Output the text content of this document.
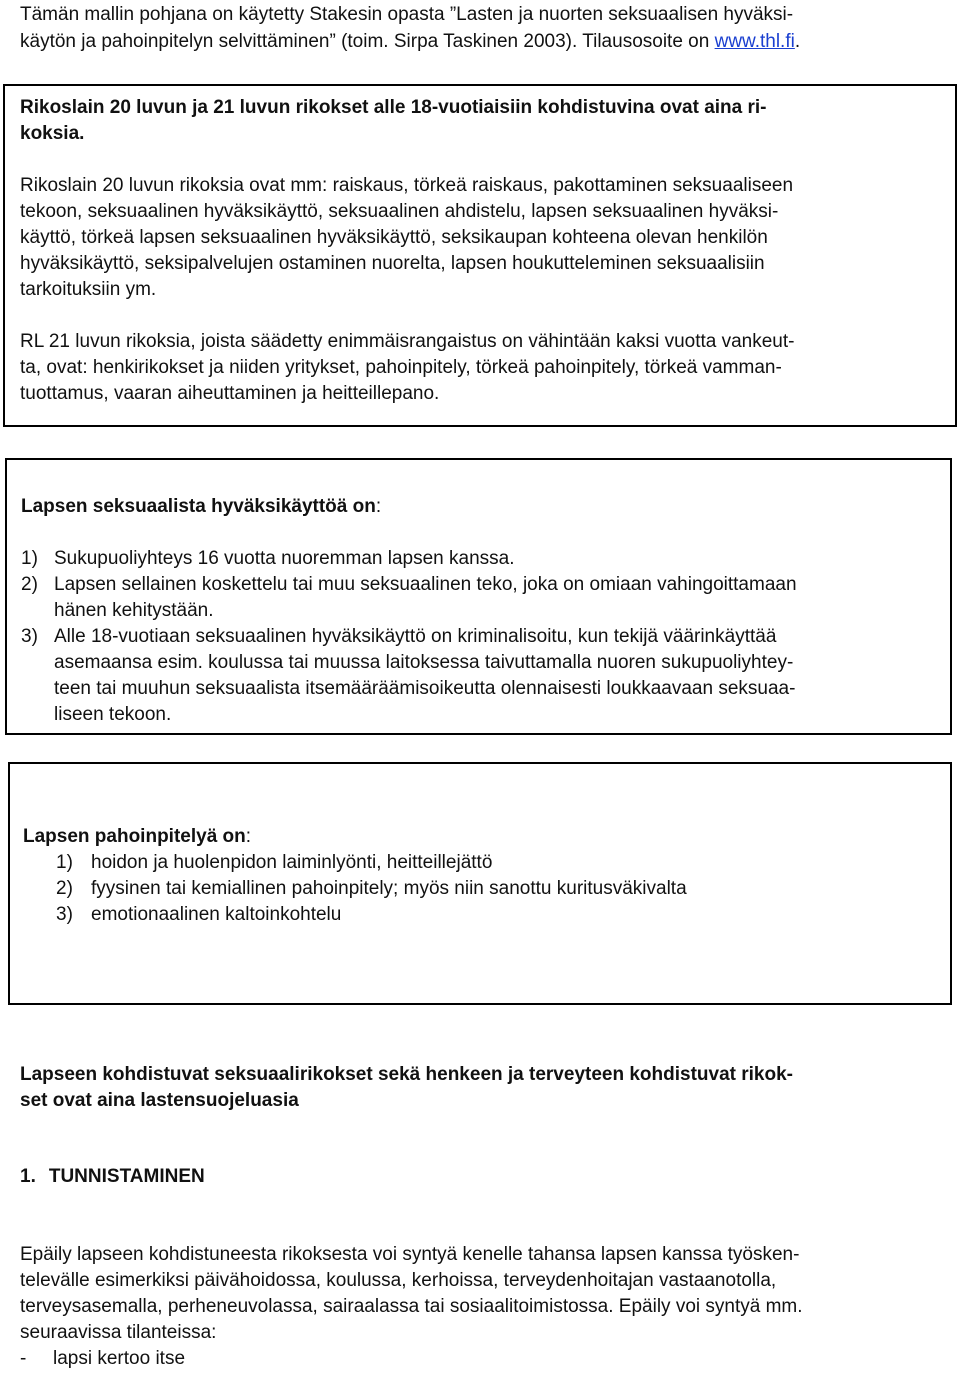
Tämän mallin pohjana on käytetty Stakesin opasta ”Lasten ja nuorten seksuaalisen hyväksi-
käytön ja pahoinpitelyn selvittäminen” (toim. Sirpa Taskinen 2003). Tilausosoite on www.thl.fi.
Rikoslain 20 luvun ja 21 luvun rikokset alle 18-vuotiaisiin kohdistuvina ovat aina ri-
koksia.
Rikoslain 20 luvun rikoksia ovat mm: raiskaus, törkeä raiskaus, pakottaminen seksuaaliseen
tekoon, seksuaalinen hyväksikäyttö, seksuaalinen ahdistelu, lapsen seksuaalinen hyväksi-
käyttö, törkeä lapsen seksuaalinen hyväksikäyttö, seksikaupan kohteena olevan henkilön
hyväksikäyttö, seksipalvelujen ostaminen nuorelta, lapsen houkutteleminen seksuaalisiin
tarkoituksiin ym.
RL 21 luvun rikoksia, joista säädetty enimmäisrangaistus on vähintään kaksi vuotta vankeut-
ta, ovat: henkirikokset ja niiden yritykset, pahoinpitely, törkeä pahoinpitely, törkeä vamman-
tuottamus, vaaran aiheuttaminen ja heitteillepano.
Lapsen seksuaalista hyväksikäyttöä on:
1) Sukupuoliyhteys 16 vuotta nuoremman lapsen kanssa.
2) Lapsen sellainen koskettelu tai muu seksuaalinen teko, joka on omiaan vahingoittamaan
hänen kehitystään.
3) Alle 18-vuotiaan seksuaalinen hyväksikäyttö on kriminalisoitu, kun tekijä väärinkäyttää
asemaansa esim. koulussa tai muussa laitoksessa taivuttamalla nuoren sukupuoliyhtey-
teen tai muuhun seksuaalista itsemääräämisoikeutta olennaisesti loukkaavaan seksuaa-
liseen tekoon.
Lapsen pahoinpitelyä on:
1) hoidon ja huolenpidon laiminlyönti, heitteillejättö
2) fyysinen tai kemiallinen pahoinpitely; myös niin sanottu kuritusväkivalta
3) emotionaalinen kaltoinkohtelu
Lapseen kohdistuvat seksuaalirikokset sekä henkeen ja terveyteen kohdistuvat rikok-
set ovat aina lastensuojeluasia
1. TUNNISTAMINEN
Epäily lapseen kohdistuneesta rikoksesta voi syntyä kenelle tahansa lapsen kanssa työsken-
televälle esimerkiksi päivähoidossa, koulussa, kerhoissa, terveydenhoitajan vastaanotolla,
terveysasemalla, perheneuvolassa, sairaalassa tai sosiaalitoimistossa. Epäily voi syntyä mm.
seuraavissa tilanteissa:
- lapsi kertoo itse
